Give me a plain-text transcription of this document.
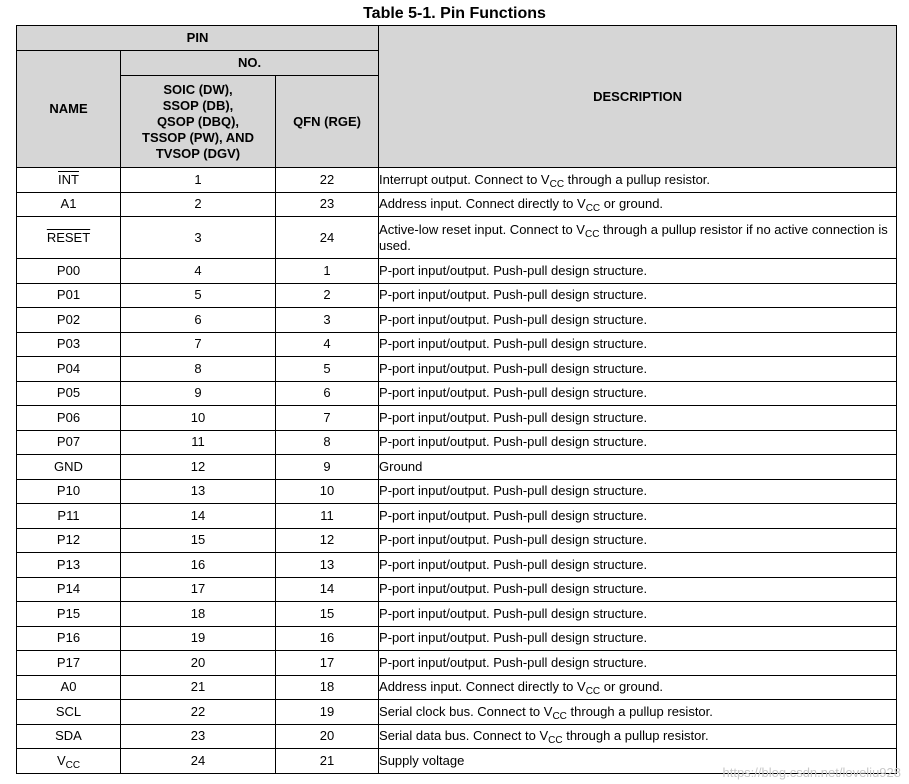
Table 5-1. Pin Functions
PIN			DESCRIPTION
NAME	NO.		
	SOIC (DW),
SSOP (DB),
QSOP (DBQ),
TSSOP (PW), AND
TVSOP (DGV)	QFN (RGE)	
$\overline{INT}$	1	22	Interrupt output. Connect to $V_{CC}$ through a pullup resistor.
A1	2	23	Address input. Connect directly to $V_{CC}$ or ground.
RESET	3	24	Active-low reset input. Connect to $V_{CC}$ through a pullup resistor if no active connection is used.
P00	4	1	P-port input/output. Push-pull design structure.
P01	5	2	P-port input/output. Push-pull design structure.
P02	6	3	P-port input/output. Push-pull design structure.
P03	7	4	P-port input/output. Push-pull design structure.
P04	8	5	P-port input/output. Push-pull design structure.
P05	9	6	P-port input/output. Push-pull design structure.
P06	10	7	P-port input/output. Push-pull design structure.
P07	11	8	P-port input/output. Push-pull design structure.
GND	12	9	Ground
P10	13	10	P-port input/output. Push-pull design structure.
P11	14	11	P-port input/output. Push-pull design structure.
P12	15	12	P-port input/output. Push-pull design structure.
P13	16	13	P-port input/output. Push-pull design structure.
P14	17	14	P-port input/output. Push-pull design structure.
P15	18	15	P-port input/output. Push-pull design structure.
P16	19	16	P-port input/output. Push-pull design structure.
P17	20	17	P-port input/output. Push-pull design structure.
A0	21	18	Address input. Connect directly to $V_{CC}$ or ground.
SCL	22	19	Serial clock bus. Connect to $V_{CC}$ through a pullup resistor.
SDA	23	20	Serial data bus. Connect to $V_{CC}$ through a pullup resistor.
$V_{CC}$	24	21	Supply voltage
https://blog.csdn.net/loveliu928
